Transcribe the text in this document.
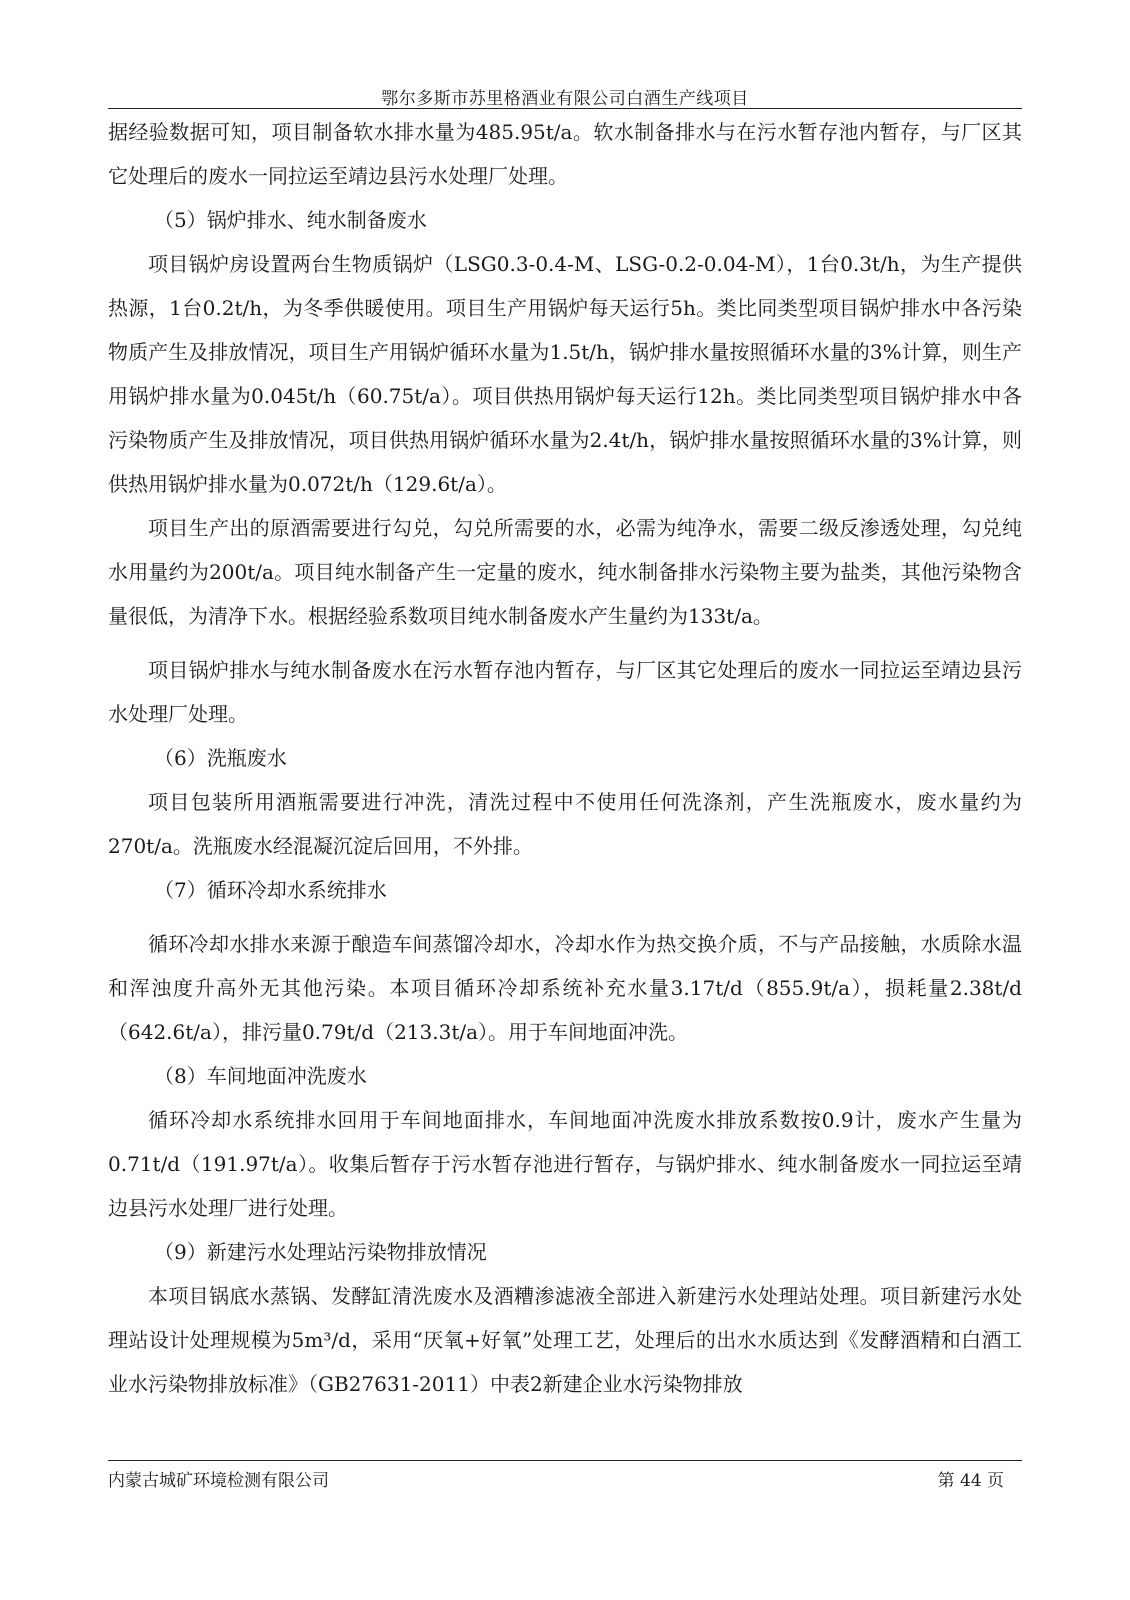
鄂尔多斯市苏里格酒业有限公司白酒生产线项目

据经验数据可知，项目制备软水排水量为485.95t/a。软水制备排水与在污水暂存池内暂存，与厂区其它处理后的废水一同拉运至靖边县污水处理厂处理。

（5）锅炉排水、纯水制备废水

项目锅炉房设置两台生物质锅炉（LSG0.3-0.4-M、LSG-0.2-0.04-M），1台0.3t/h，为生产提供热源，1台0.2t/h，为冬季供暖使用。项目生产用锅炉每天运行5h。类比同类型项目锅炉排水中各污染物质产生及排放情况，项目生产用锅炉循环水量为1.5t/h，锅炉排水量按照循环水量的3%计算，则生产用锅炉排水量为0.045t/h（60.75t/a）。项目供热用锅炉每天运行12h。类比同类型项目锅炉排水中各污染物质产生及排放情况，项目供热用锅炉循环水量为2.4t/h，锅炉排水量按照循环水量的3%计算，则供热用锅炉排水量为0.072t/h（129.6t/a）。

项目生产出的原酒需要进行勾兑，勾兑所需要的水，必需为纯净水，需要二级反渗透处理，勾兑纯水用量约为200t/a。项目纯水制备产生一定量的废水，纯水制备排水污染物主要为盐类，其他污染物含量很低，为清净下水。根据经验系数项目纯水制备废水产生量约为133t/a。

项目锅炉排水与纯水制备废水在污水暂存池内暂存，与厂区其它处理后的废水一同拉运至靖边县污水处理厂处理。

（6）洗瓶废水

项目包装所用酒瓶需要进行冲洗，清洗过程中不使用任何洗涤剂，产生洗瓶废水，废水量约为 270t/a。洗瓶废水经混凝沉淀后回用，不外排。

（7）循环冷却水系统排水

循环冷却水排水来源于酿造车间蒸馏冷却水，冷却水作为热交换介质，不与产品接触，水质除水温和浑浊度升高外无其他污染。本项目循环冷却系统补充水量3.17t/d（855.9t/a），损耗量2.38t/d（642.6t/a），排污量0.79t/d（213.3t/a）。用于车间地面冲洗。

（8）车间地面冲洗废水

循环冷却水系统排水回用于车间地面排水，车间地面冲洗废水排放系数按0.9计，废水产生量为0.71t/d（191.97t/a）。收集后暂存于污水暂存池进行暂存，与锅炉排水、纯水制备废水一同拉运至靖边县污水处理厂进行处理。

（9）新建污水处理站污染物排放情况

本项目锅底水蒸锅、发酵缸清洗废水及酒糟渗滤液全部进入新建污水处理站处理。项目新建污水处理站设计处理规模为5m³/d，采用“厌氧+好氧”处理工艺，处理后的出水水质达到《发酵酒精和白酒工业水污染物排放标准》（GB27631-2011）中表2新建企业水污染物排放

内蒙古城矿环境检测有限公司	第 44 页
